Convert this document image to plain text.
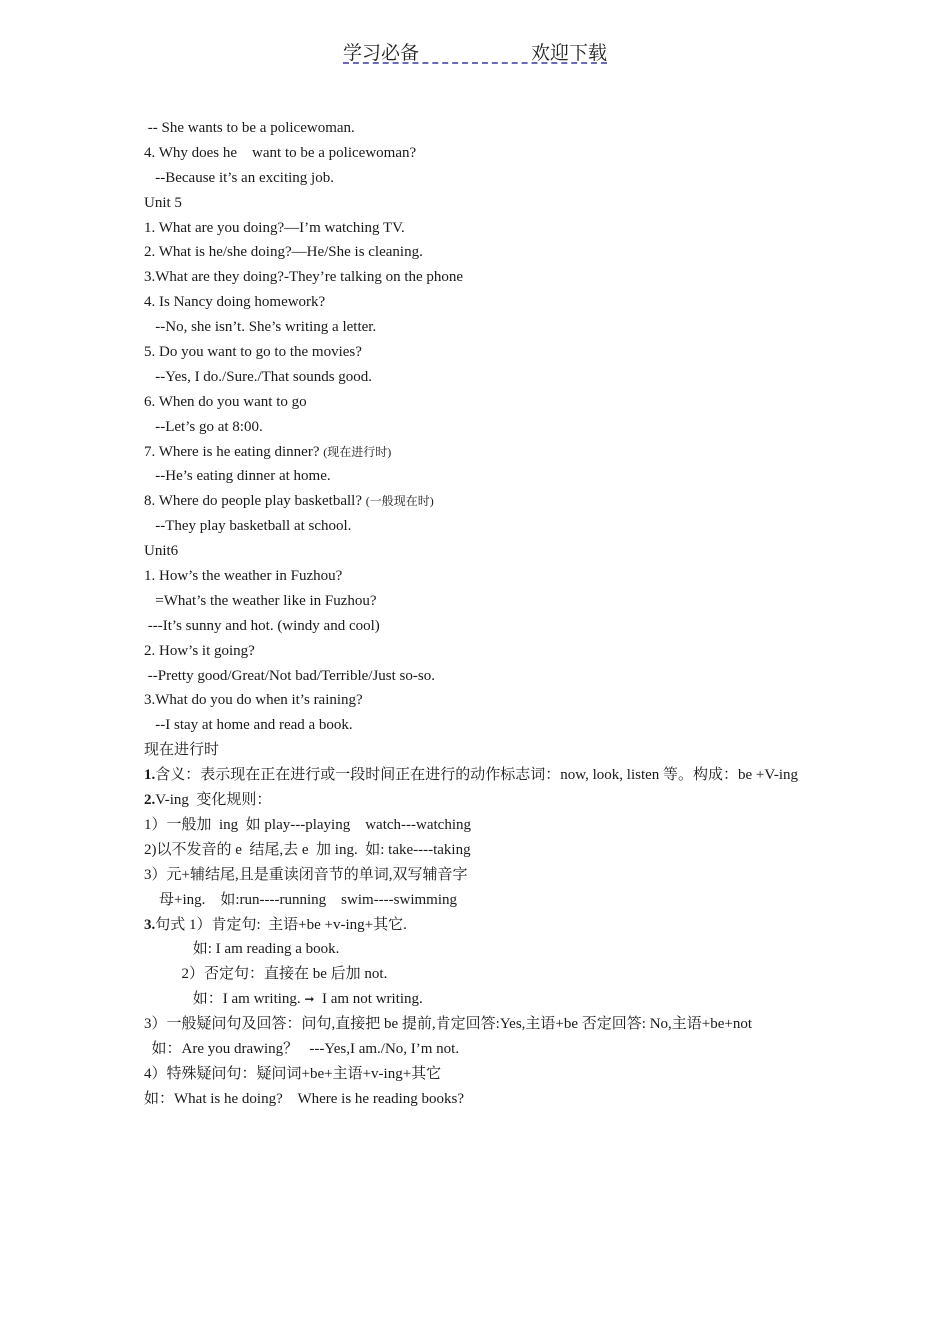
学习必备	欢迎下载
-- She wants to be a policewoman.
4. Why does he    want to be a policewoman?
--Because it’s an exciting job.
Unit 5
1. What are you doing?—I’m watching TV.
2. What is he/she doing?—He/She is cleaning.
3.What are they doing?-They’re talking on the phone
4. Is Nancy doing homework?
--No, she isn’t. She’s writing a letter.
5. Do you want to go to the movies?
--Yes, I do./Sure./That sounds good.
6. When do you want to go
--Let’s go at 8:00.
7. Where is he eating dinner? (现在进行时)
--He’s eating dinner at home.
8. Where do people play basketball? (一般现在时)
--They play basketball at school.
Unit6
1. How’s the weather in Fuzhou?
=What’s the weather like in Fuzhou?
---It’s sunny and hot. (windy and cool)
2. How’s it going?
--Pretty good/Great/Not bad/Terrible/Just so-so.
3.What do you do when it’s raining?
--I stay at home and read a book.
现在进行时
1.含义：表示现在正在进行或一段时间正在进行的动作标志词：now, look, listen 等。构成：be +V-ing
2.V-ing  变化规则：
1）一般加  ing  如 play---playing    watch---watching
2)以不发音的 e  结尾,去 e  加 ing.  如: take----taking
3）元+辅结尾,且是重读闭音节的单词,双写辅音字
母+ing.    如:run----running    swim----swimming
3.句式 1）肯定句:  主语+be +v-ing+其它.
如: I am reading a book.
2）否定句：直接在 be 后加 not.
如：I am writing. ➞  I am not writing.
3）一般疑问句及回答：问句,直接把 be 提前,肯定回答:Yes,主语+be 否定回答: No,主语+be+not
如：Are you drawing？   ---Yes,I am./No, I’m not.
4）特殊疑问句：疑问词+be+主语+v-ing+其它
如：What is he doing?    Where is he reading books?
